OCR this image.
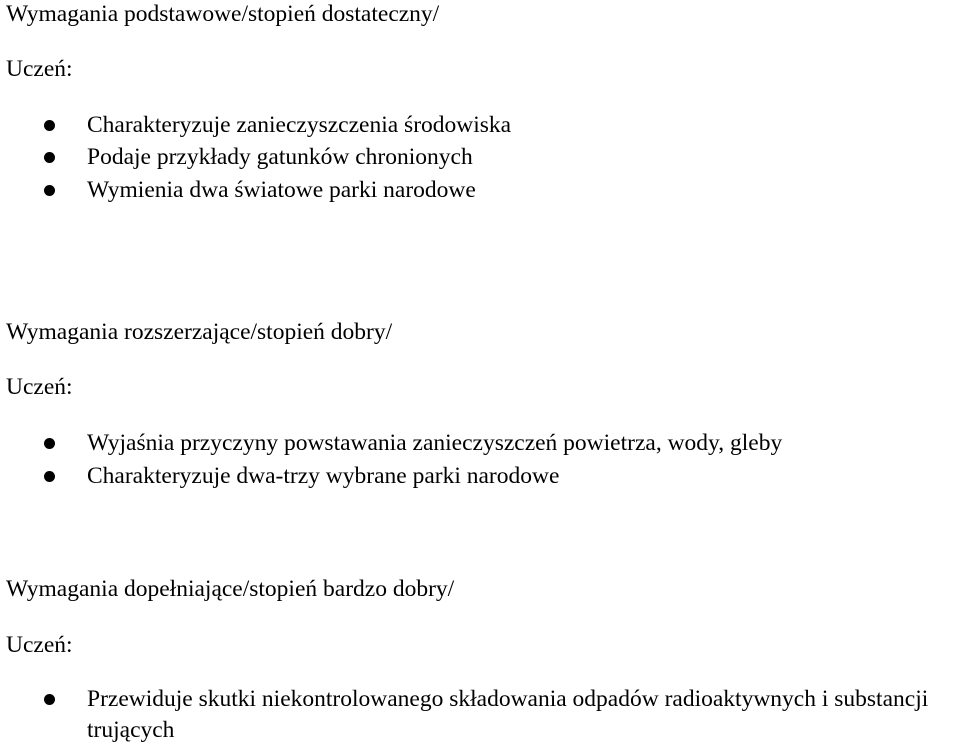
Wymagania podstawowe/stopień dostateczny/
Uczeń:
Charakteryzuje zanieczyszczenia środowiska
Podaje przykłady gatunków chronionych
Wymienia dwa światowe parki narodowe
Wymagania rozszerzające/stopień dobry/
Uczeń:
Wyjaśnia przyczyny powstawania zanieczyszczeń powietrza, wody, gleby
Charakteryzuje dwa-trzy wybrane parki narodowe
Wymagania dopełniające/stopień bardzo dobry/
Uczeń:
Przewiduje skutki niekontrolowanego składowania odpadów radioaktywnych i substancji trujących
